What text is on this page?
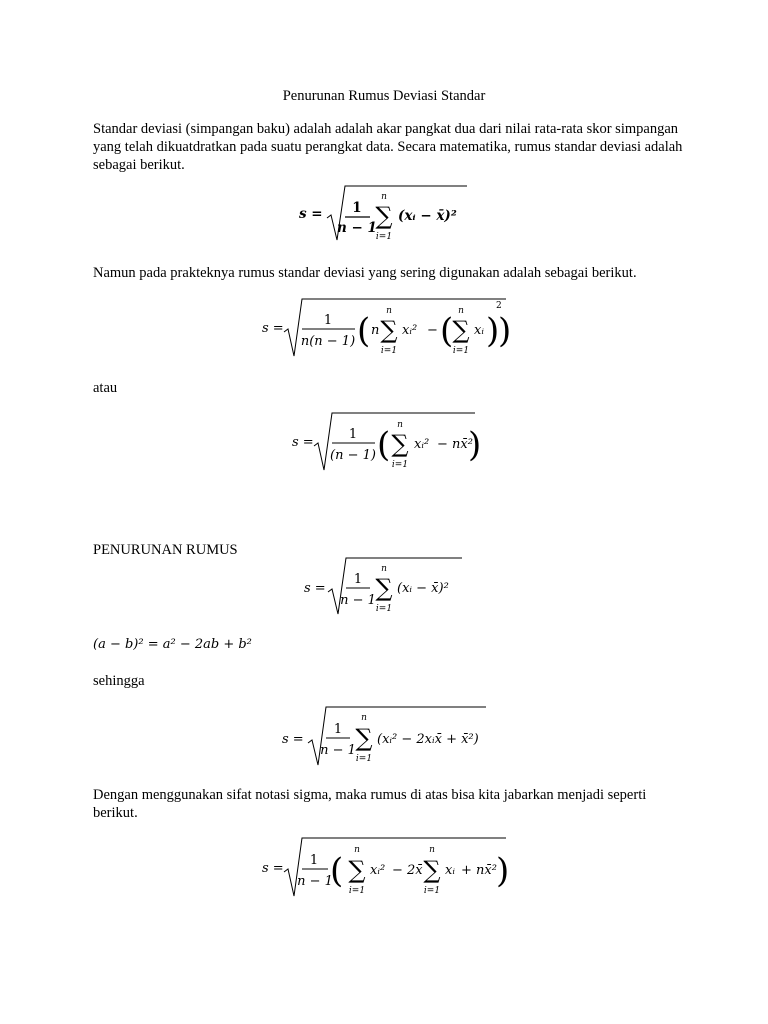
Penurunan Rumus Deviasi Standar
Standar deviasi (simpangan baku) adalah adalah akar pangkat dua dari nilai rata-rata skor simpangan yang telah dikuatdratkan pada suatu perangkat data. Secara matematika, rumus standar deviasi adalah sebagai berikut.
s = 1
n − 1
n
∑
i=1
(xᵢ − x̄)²
Namun pada prakteknya rumus standar deviasi yang sering digunakan adalah sebagai berikut.
s =
1
n(n − 1) ( n
n
∑
i=1
xᵢ² − ( n
∑
i=1
xᵢ )
2
)
atau
s =
1
(n − 1) ( n
∑
i=1
xᵢ² − nx̄²
)
PENURUNAN RUMUS
s =
1
n − 1
n
∑
i=1
(xᵢ − x̄)²
(a − b)² = a² − 2ab + b²
sehingga
s =
1
n − 1
n
∑
i=1
(xᵢ² − 2xᵢx̄ + x̄²)
Dengan menggunakan sifat notasi sigma, maka rumus di atas bisa kita jabarkan menjadi seperti berikut.
s =
1
n − 1
(
n
∑
i=1
xᵢ² − 2x̄
n
∑
i=1
xᵢ + nx̄² )
